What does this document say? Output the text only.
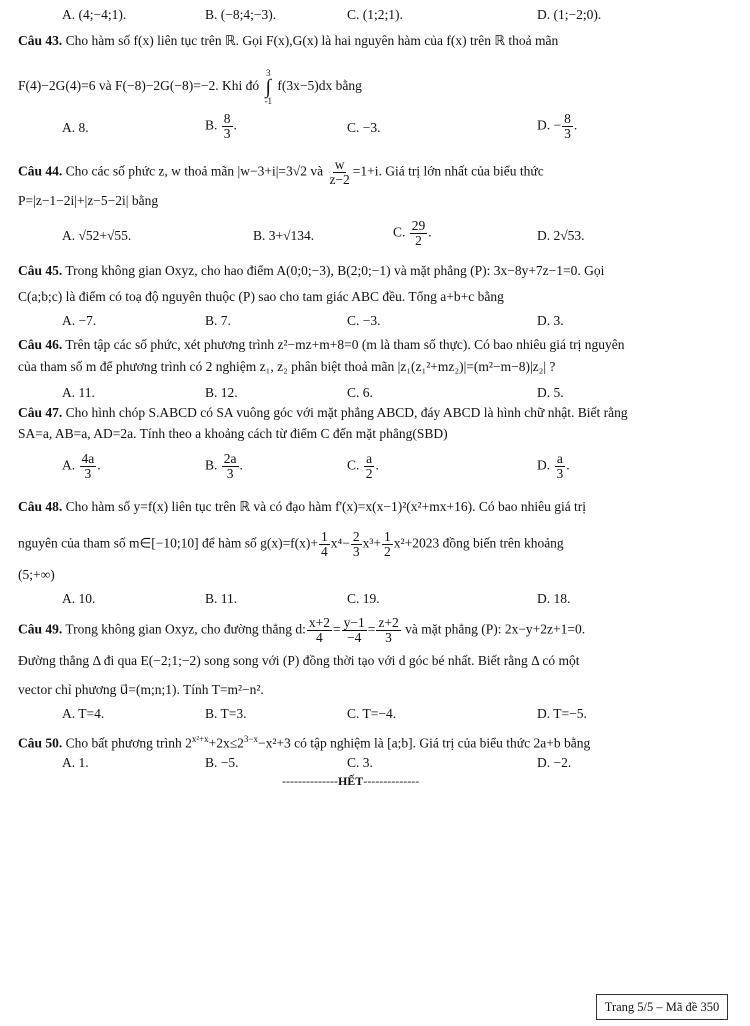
A. (4;−4;1).	B. (−8;4;−3).	C. (1;2;1).	D. (1;−2;0).
Câu 43. Cho hàm số f(x) liên tục trên ℝ. Gọi F(x),G(x) là hai nguyên hàm của f(x) trên ℝ thoả mãn
F(4)−2G(4)=6 và F(−8)−2G(−8)=−2. Khi đó
3
∫
-1
f(3x−5)dx bằng
A. 8.	B. $\frac{8}{3}$ .	C. −3.	D. − $\frac{8}{3}$ .
Câu 44. Cho các số phức z, w thoả mãn |w−3+i|=3√2 và $\frac{w}{z-2} =1+i$. Giá trị lớn nhất của biểu thức
P=|z−1−2i|+|z−5−2i| bằng
A. √52+√55.	B. 3+√134.	C. $\frac{29}{2}$ .	D. 2√53.
Câu 45. Trong không gian Oxyz, cho hao điểm A(0;0;−3), B(2;0;−1) và mặt phẳng (P): 3x−8y+7z−1=0. Gọi
C(a;b;c) là điểm có toạ độ nguyên thuộc (P) sao cho tam giác ABC đều. Tổng a+b+c bằng
A. −7.	B. 7.	C. −3.	D. 3.
Câu 46. Trên tập các số phức, xét phương trình z²−mz+m+8=0 (m là tham số thực). Có bao nhiêu giá trị nguyên
của tham số m để phương trình có 2 nghiệm z₁, z₂ phân biệt thoả mãn |z₁(z₁²+mz₂)|=(m²−m−8)|z₂| ?
A. 11.	B. 12.	C. 6.	D. 5.
Câu 47. Cho hình chóp S.ABCD có SA vuông góc với mặt phẳng ABCD, đáy ABCD là hình chữ nhật. Biết rằng
SA=a, AB=a, AD=2a. Tính theo a khoảng cách từ điểm C đến mặt phẳng(SBD)
A. $\frac{4a}{3}$ .	B. $\frac{2a}{3}$ .	C. $\frac{a}{2}$ .	D. $\frac{a}{3}$ .
Câu 48. Cho hàm số y=f(x) liên tục trên ℝ và có đạo hàm f'(x)=x(x−1)²(x²+mx+16). Có bao nhiêu giá trị
nguyên của tham số m∈[−10;10] để hàm số $g(x)=f(x)+ \frac{1}{4} x^4- \frac{2}{3} x^3+ \frac{1}{2} x^2+2023$ đồng biến trên khoảng
(5;+∞)
A. 10.	B. 11.	C. 19.	D. 18.
Câu 49. Trong không gian Oxyz, cho đường thẳng d: $\frac{x+2}{4} = \frac{y-1}{-4} = \frac{z+2}{3}$ và mặt phẳng (P): 2x−y+2z+1=0.
Đường thẳng Δ đi qua E(−2;1;−2) song song với (P) đồng thời tạo với d góc bé nhất. Biết rằng Δ có một
vector chỉ phương u⃗=(m;n;1). Tính T=m²−n².
A. T=4.	B. T=3.	C. T=−4.	D. T=−5.
Câu 50. Cho bất phương trình $2^{x^2+x}+2x\le 2^{3-x}-x^2+3$ có tập nghiệm là [a;b]. Giá trị của biểu thức 2a+b bằng
A. 1.	B. −5.	C. 3.	D. −2.
--------------HẾT--------------
Trang 5/5 – Mã đề 350
